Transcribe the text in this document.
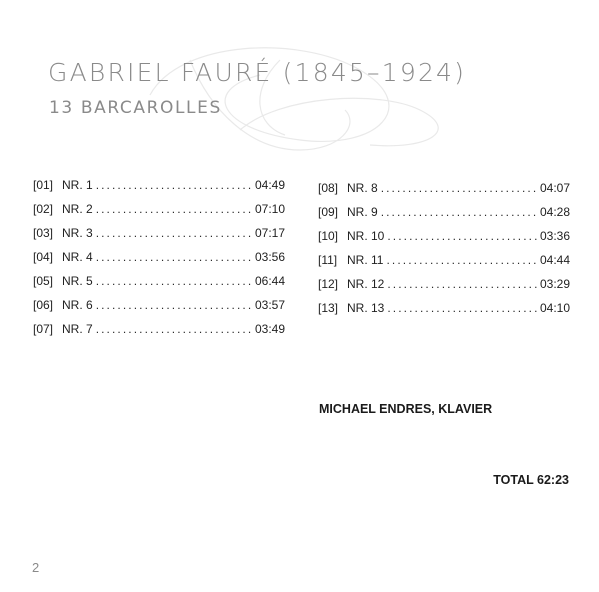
GABRIEL FAURÉ (1845–1924)
13 BARCAROLLES
[01] NR. 1 .....	04:49
[02] NR. 2 .....	07:10
[03] NR. 3 .....	07:17
[04] NR. 4 .....	03:56
[05] NR. 5 .....	06:44
[06] NR. 6 .....	03:57
[07] NR. 7 .....	03:49
[08] NR. 8 .....	04:07
[09] NR. 9 .....	04:28
[10] NR. 10 .....	03:36
[11] NR. 11 .....	04:44
[12] NR. 12 .....	03:29
[13] NR. 13 .....	04:10
MICHAEL ENDRES, KLAVIER
TOTAL 62:23
2
